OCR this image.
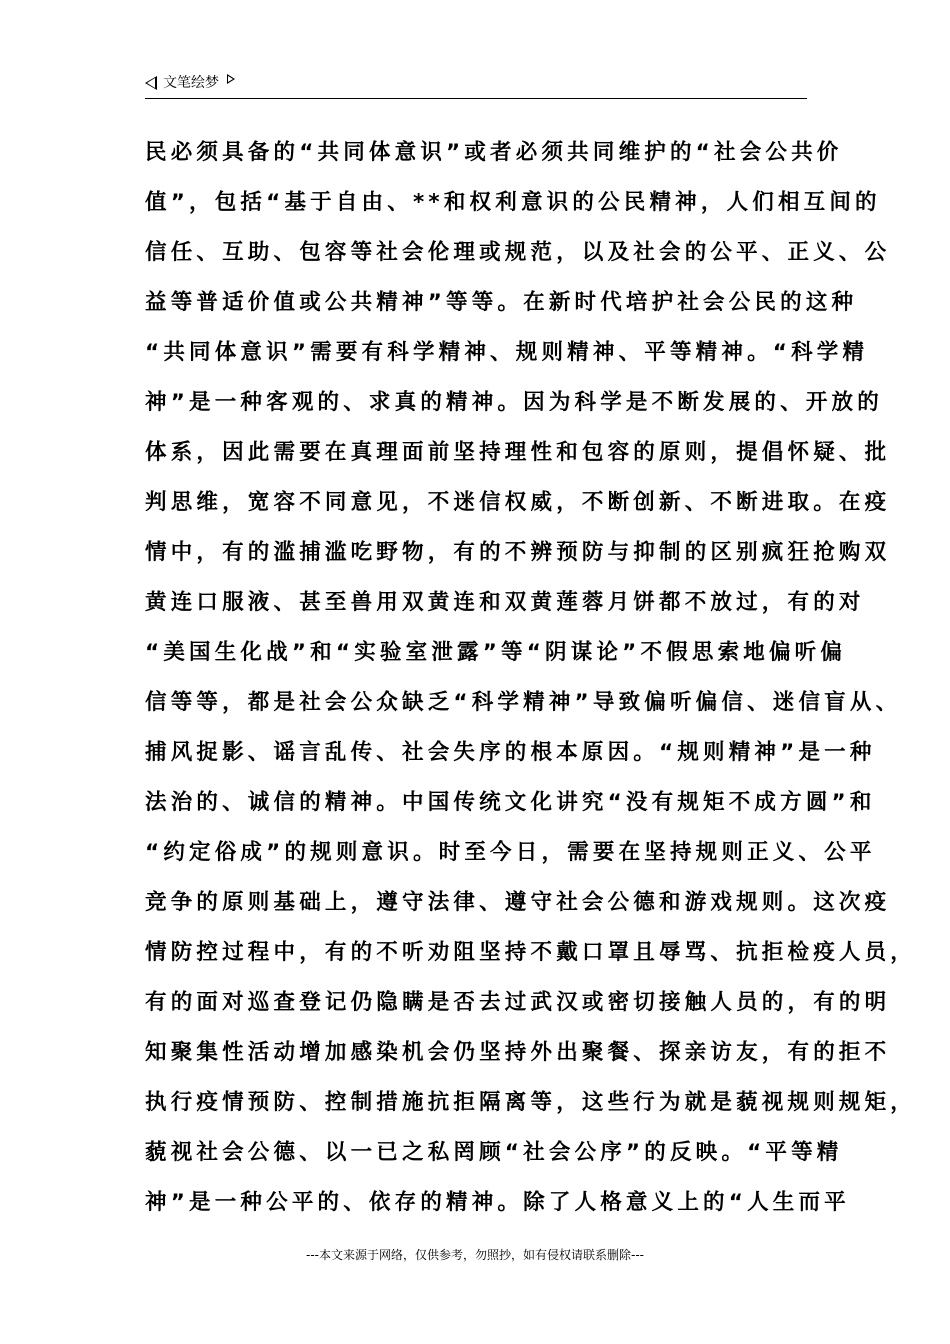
文笔绘梦
民必须具备的“共同体意识”或者必须共同维护的“社会公共价
值”，包括“基于自由、**和权利意识的公民精神，人们相互间的
信任、互助、包容等社会伦理或规范，以及社会的公平、正义、公
益等普适价值或公共精神”等等。在新时代培护社会公民的这种
“共同体意识”需要有科学精神、规则精神、平等精神。“科学精
神”是一种客观的、求真的精神。因为科学是不断发展的、开放的
体系，因此需要在真理面前坚持理性和包容的原则，提倡怀疑、批
判思维，宽容不同意见，不迷信权威，不断创新、不断进取。在疫
情中，有的滥捕滥吃野物，有的不辨预防与抑制的区别疯狂抢购双
黄连口服液、甚至兽用双黄连和双黄莲蓉月饼都不放过，有的对
“美国生化战”和“实验室泄露”等“阴谋论”不假思索地偏听偏
信等等，都是社会公众缺乏“科学精神”导致偏听偏信、迷信盲从、
捕风捉影、谣言乱传、社会失序的根本原因。“规则精神”是一种
法治的、诚信的精神。中国传统文化讲究“没有规矩不成方圆”和
“约定俗成”的规则意识。时至今日，需要在坚持规则正义、公平
竞争的原则基础上，遵守法律、遵守社会公德和游戏规则。这次疫
情防控过程中，有的不听劝阻坚持不戴口罩且辱骂、抗拒检疫人员，
有的面对巡查登记仍隐瞒是否去过武汉或密切接触人员的，有的明
知聚集性活动增加感染机会仍坚持外出聚餐、探亲访友，有的拒不
执行疫情预防、控制措施抗拒隔离等，这些行为就是藐视规则规矩，
藐视社会公德、以一已之私罔顾“社会公序”的反映。“平等精
神”是一种公平的、依存的精神。除了人格意义上的“人生而平
---本文来源于网络，仅供参考，勿照抄，如有侵权请联系删除---
